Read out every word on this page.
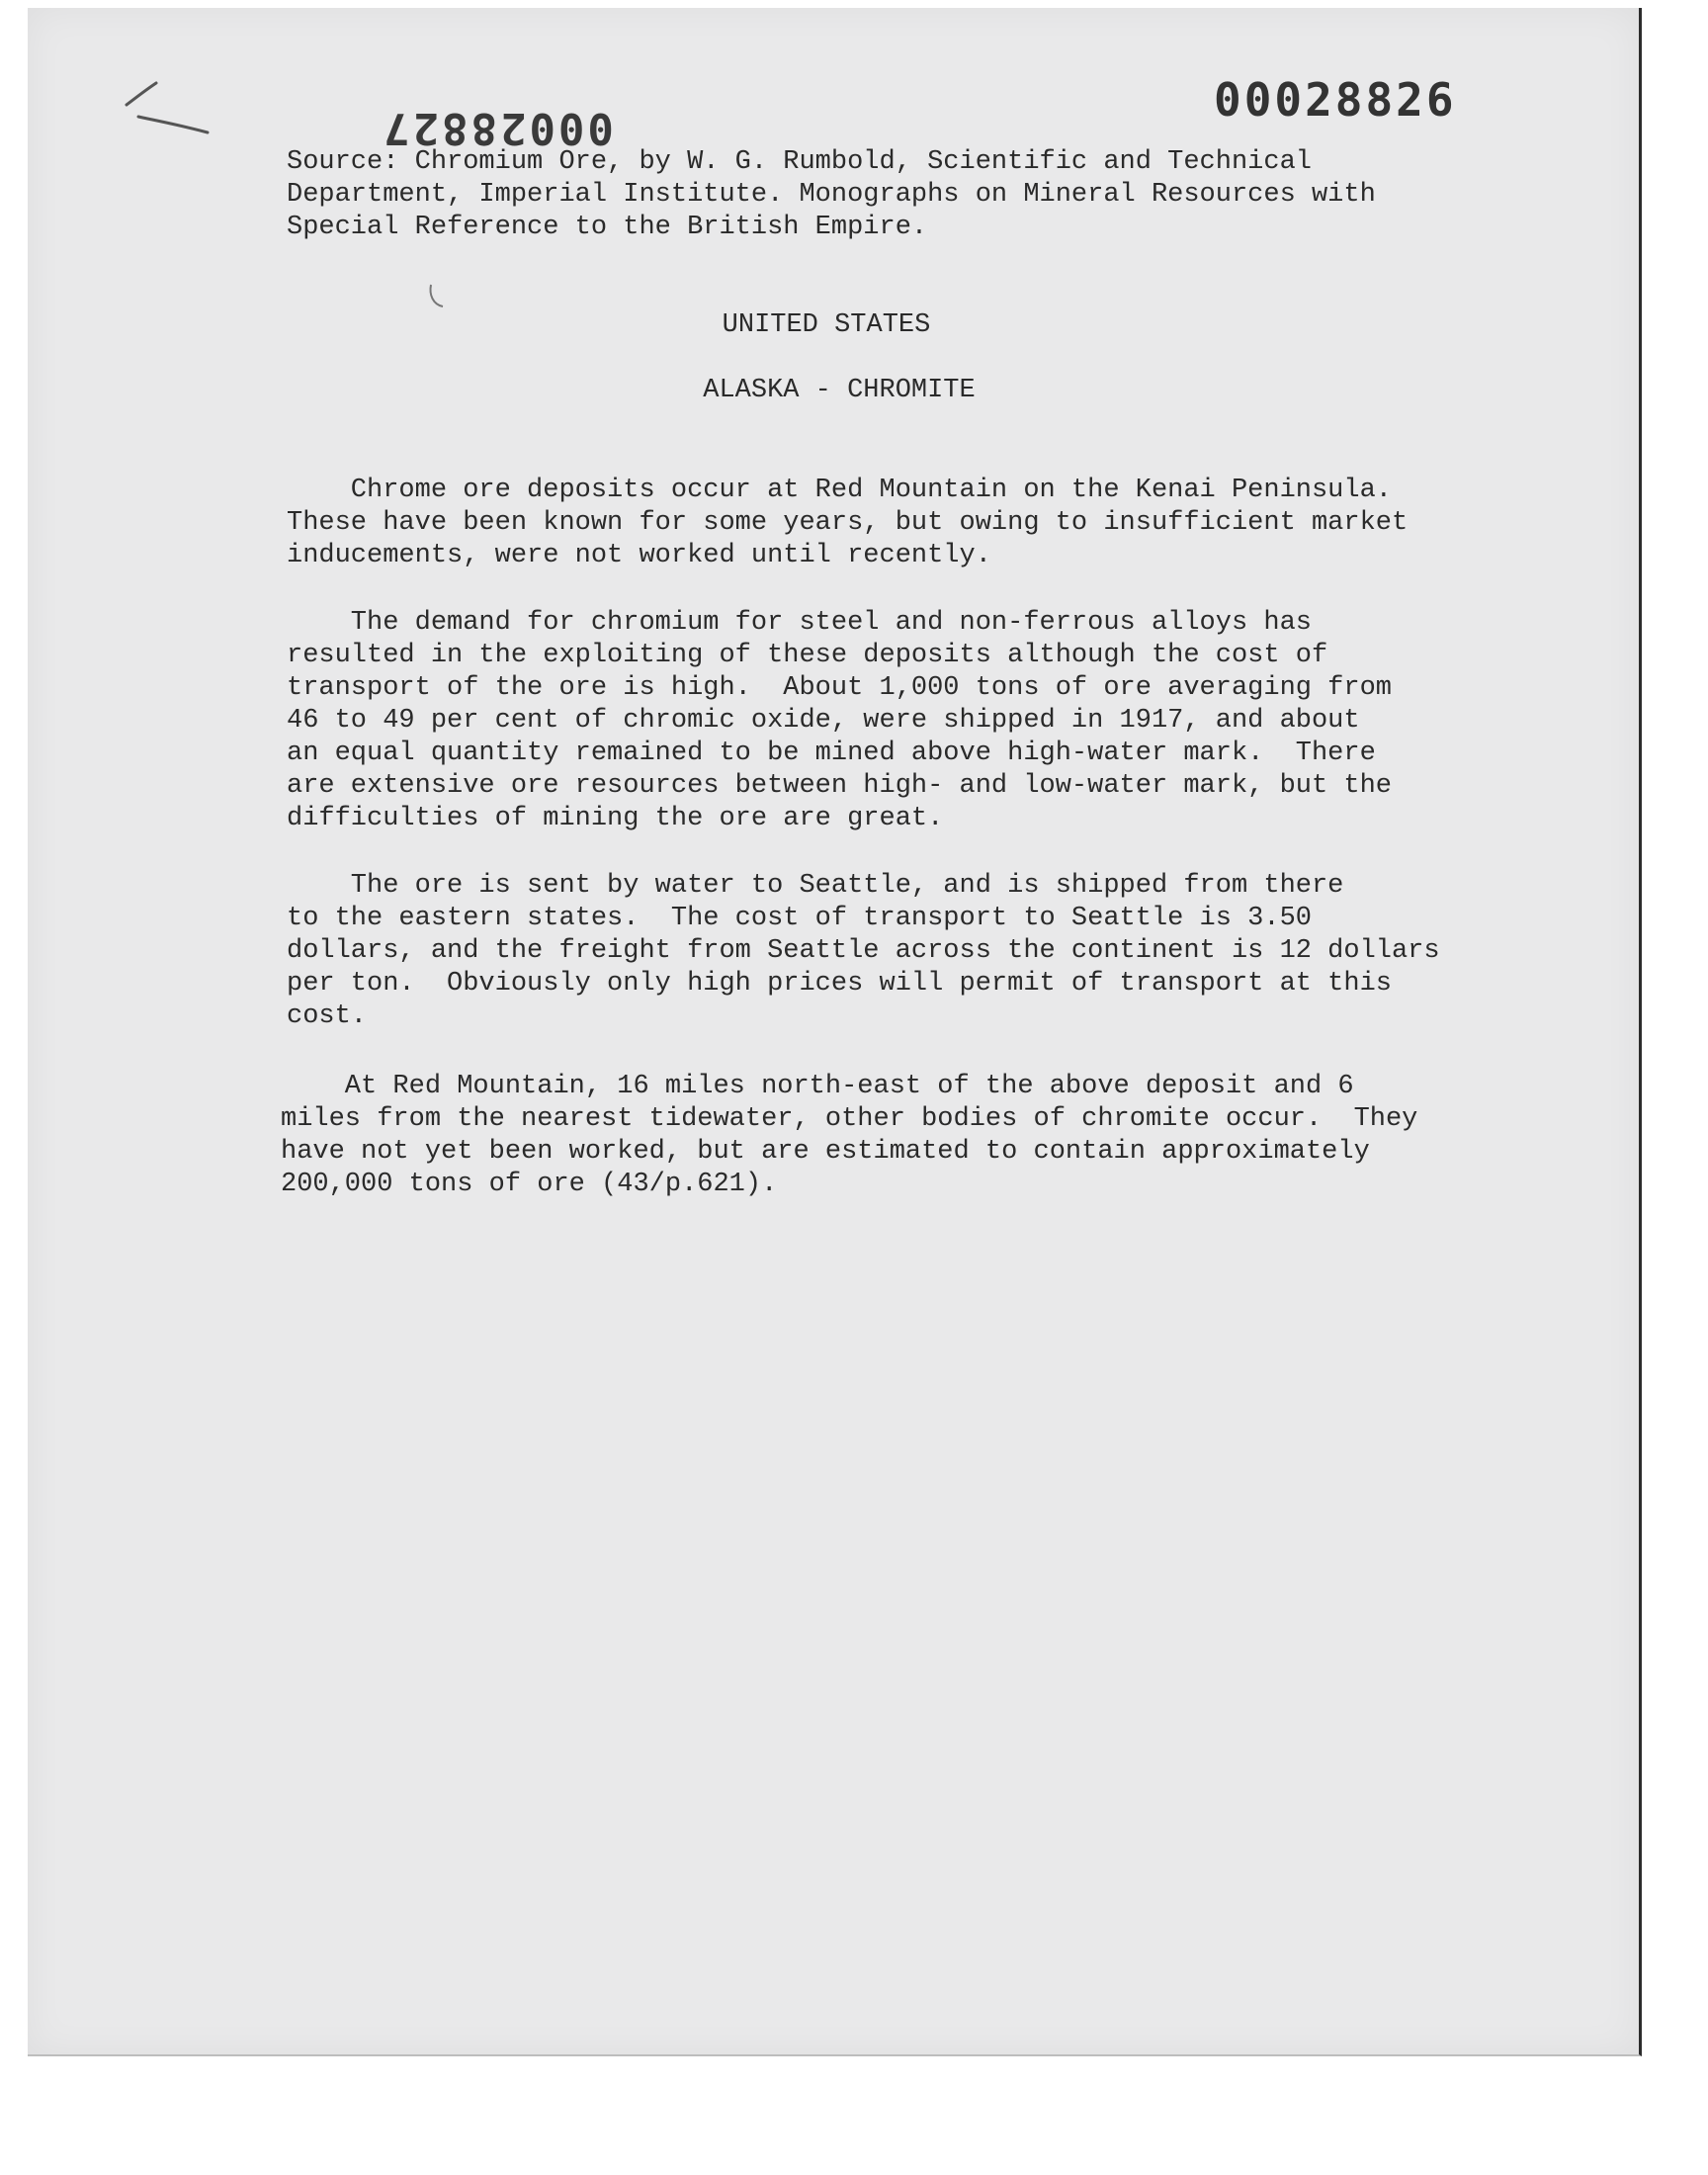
00028826
00028827
Source: Chromium Ore, by W. G. Rumbold, Scientific and Technical
Department, Imperial Institute. Monographs on Mineral Resources with
Special Reference to the British Empire.
UNITED STATES
ALASKA - CHROMITE
Chrome ore deposits occur at Red Mountain on the Kenai Peninsula.
These have been known for some years, but owing to insufficient market
inducements, were not worked until recently.
The demand for chromium for steel and non-ferrous alloys has
resulted in the exploiting of these deposits although the cost of
transport of the ore is high.  About 1,000 tons of ore averaging from
46 to 49 per cent of chromic oxide, were shipped in 1917, and about
an equal quantity remained to be mined above high-water mark.  There
are extensive ore resources between high- and low-water mark, but the
difficulties of mining the ore are great.
The ore is sent by water to Seattle, and is shipped from there
to the eastern states.  The cost of transport to Seattle is 3.50
dollars, and the freight from Seattle across the continent is 12 dollars
per ton.  Obviously only high prices will permit of transport at this
cost.
At Red Mountain, 16 miles north-east of the above deposit and 6
miles from the nearest tidewater, other bodies of chromite occur.  They
have not yet been worked, but are estimated to contain approximately
200,000 tons of ore (43/p.621).
